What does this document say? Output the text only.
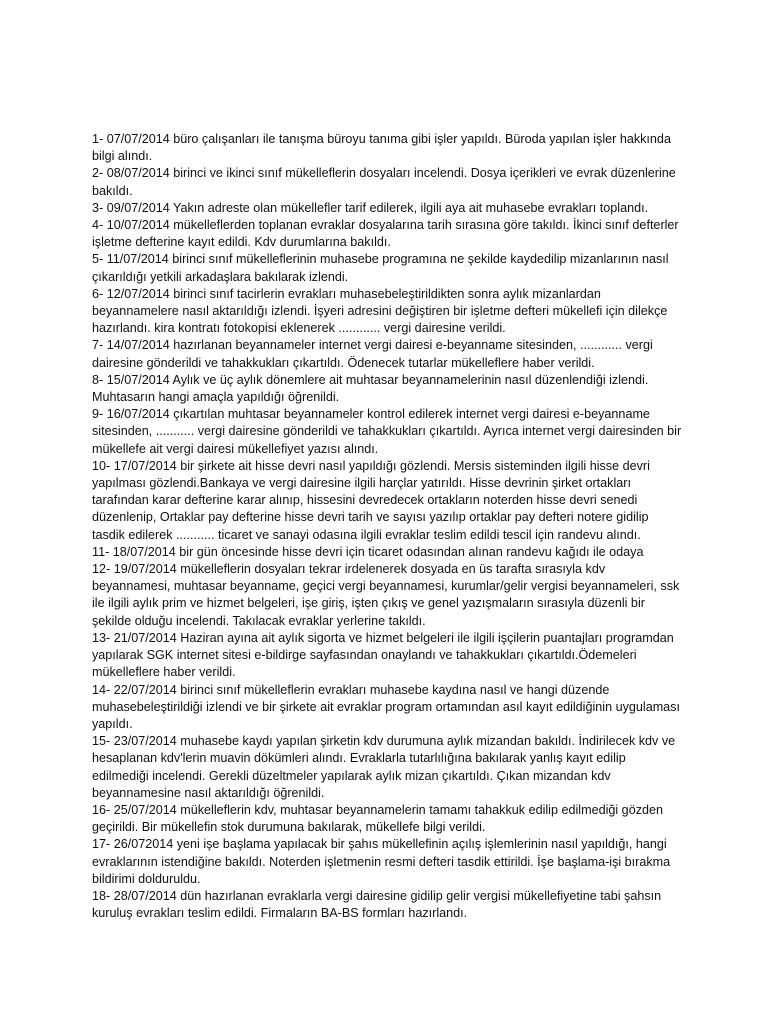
1- 07/07/2014 büro çalışanları ile tanışma büroyu tanıma gibi işler yapıldı. Büroda yapılan işler hakkında bilgi alındı.

2- 08/07/2014 birinci ve ikinci sınıf mükelleflerin dosyaları incelendi. Dosya içerikleri ve evrak düzenlerine bakıldı.

3- 09/07/2014 Yakın adreste olan mükellefler tarif edilerek, ilgili aya ait muhasebe evrakları toplandı.

4- 10/07/2014 mükelleflerden toplanan evraklar dosyalarına tarih sırasına göre takıldı. İkinci sınıf defterler işletme defterine kayıt edildi. Kdv durumlarına bakıldı.

5- 11/07/2014 birinci sınıf mükelleflerinin muhasebe programına ne şekilde kaydedilip mizanlarının nasıl çıkarıldığı yetkili arkadaşlara bakılarak izlendi.

6- 12/07/2014 birinci sınıf tacirlerin evrakları muhasebeleştirildikten sonra aylık mizanlardan beyannamelere nasıl aktarıldığı izlendi. İşyeri adresini değiştiren bir işletme defteri mükellefi için dilekçe hazırlandı. kira kontratı fotokopisi eklenerek ............ vergi dairesine verildi.

7- 14/07/2014 hazırlanan beyannameler internet vergi dairesi e-beyanname sitesinden, ............ vergi dairesine gönderildi ve tahakkukları çıkartıldı. Ödenecek tutarlar mükelleflere haber verildi.

8- 15/07/2014 Aylık ve üç aylık dönemlere ait muhtasar beyannamelerinin nasıl düzenlendiği izlendi. Muhtasarın hangi amaçla yapıldığı öğrenildi.

9- 16/07/2014 çıkartılan muhtasar beyannameler kontrol edilerek internet vergi dairesi e-beyanname sitesinden, ........... vergi dairesine gönderildi ve tahakkukları çıkartıldı. Ayrıca internet vergi dairesinden bir mükellefe ait vergi dairesi mükellefiyet yazısı alındı.

10- 17/07/2014 bir şirkete ait hisse devri nasıl yapıldığı gözlendi. Mersis sisteminden ilgili hisse devri yapılması gözlendi.Bankaya ve vergi dairesine ilgili harçlar yatırıldı. Hisse devrinin şirket ortakları tarafından karar defterine karar alınıp, hissesini devredecek ortakların noterden hisse devri senedi düzenlenip, Ortaklar pay defterine hisse devri tarih ve sayısı yazılıp ortaklar pay defteri notere gidilip tasdik edilerek ........... ticaret ve sanayi odasına ilgili evraklar teslim edildi tescil için randevu alındı.

11- 18/07/2014 bir gün öncesinde hisse devri için ticaret odasından alınan randevu kağıdı ile odaya

12- 19/07/2014 mükelleflerin dosyaları tekrar irdelenerek dosyada en üs tarafta sırasıyla kdv beyannamesi, muhtasar beyanname, geçici vergi beyannamesi, kurumlar/gelir vergisi beyannameleri, ssk ile ilgili aylık prim ve hizmet belgeleri, işe giriş, işten çıkış ve genel yazışmaların sırasıyla düzenli bir şekilde olduğu incelendi. Takılacak evraklar yerlerine takıldı.

13- 21/07/2014 Haziran ayına ait aylık sigorta ve hizmet belgeleri ile ilgili işçilerin puantajları programdan yapılarak SGK internet sitesi e-bildirge sayfasından onaylandı ve tahakkukları çıkartıldı.Ödemeleri mükelleflere haber verildi.

14- 22/07/2014 birinci sınıf mükelleflerin evrakları muhasebe kaydına nasıl ve hangi düzende muhasebeleştirildiği izlendi ve bir şirkete ait evraklar program ortamından asıl kayıt edildiğinin uygulaması yapıldı.

15- 23/07/2014 muhasebe kaydı yapılan şirketin kdv durumuna aylık mizandan bakıldı. İndirilecek kdv ve hesaplanan kdv'lerin muavin dökümleri alındı. Evraklarla tutarlılığına bakılarak yanlış kayıt edilip edilmediği incelendi. Gerekli düzeltmeler yapılarak aylık mizan çıkartıldı. Çıkan mizandan kdv beyannamesine nasıl aktarıldığı öğrenildi.

16- 25/07/2014 mükelleflerin kdv, muhtasar beyannamelerin tamamı tahakkuk edilip edilmediği gözden geçirildi. Bir mükellefin stok durumuna bakılarak, mükellefe bilgi verildi.

17- 26/072014 yeni işe başlama yapılacak bir şahıs mükellefinin açılış işlemlerinin nasıl yapıldığı, hangi evraklarının istendiğine bakıldı. Noterden işletmenin resmi defteri tasdik ettirildi. İşe başlama-işi bırakma bildirimi dolduruldu.

18- 28/07/2014 dün hazırlanan evraklarla vergi dairesine gidilip gelir vergisi mükellefiyetine tabi şahsın kuruluş evrakları teslim edildi. Firmaların BA-BS formları hazırlandı.
